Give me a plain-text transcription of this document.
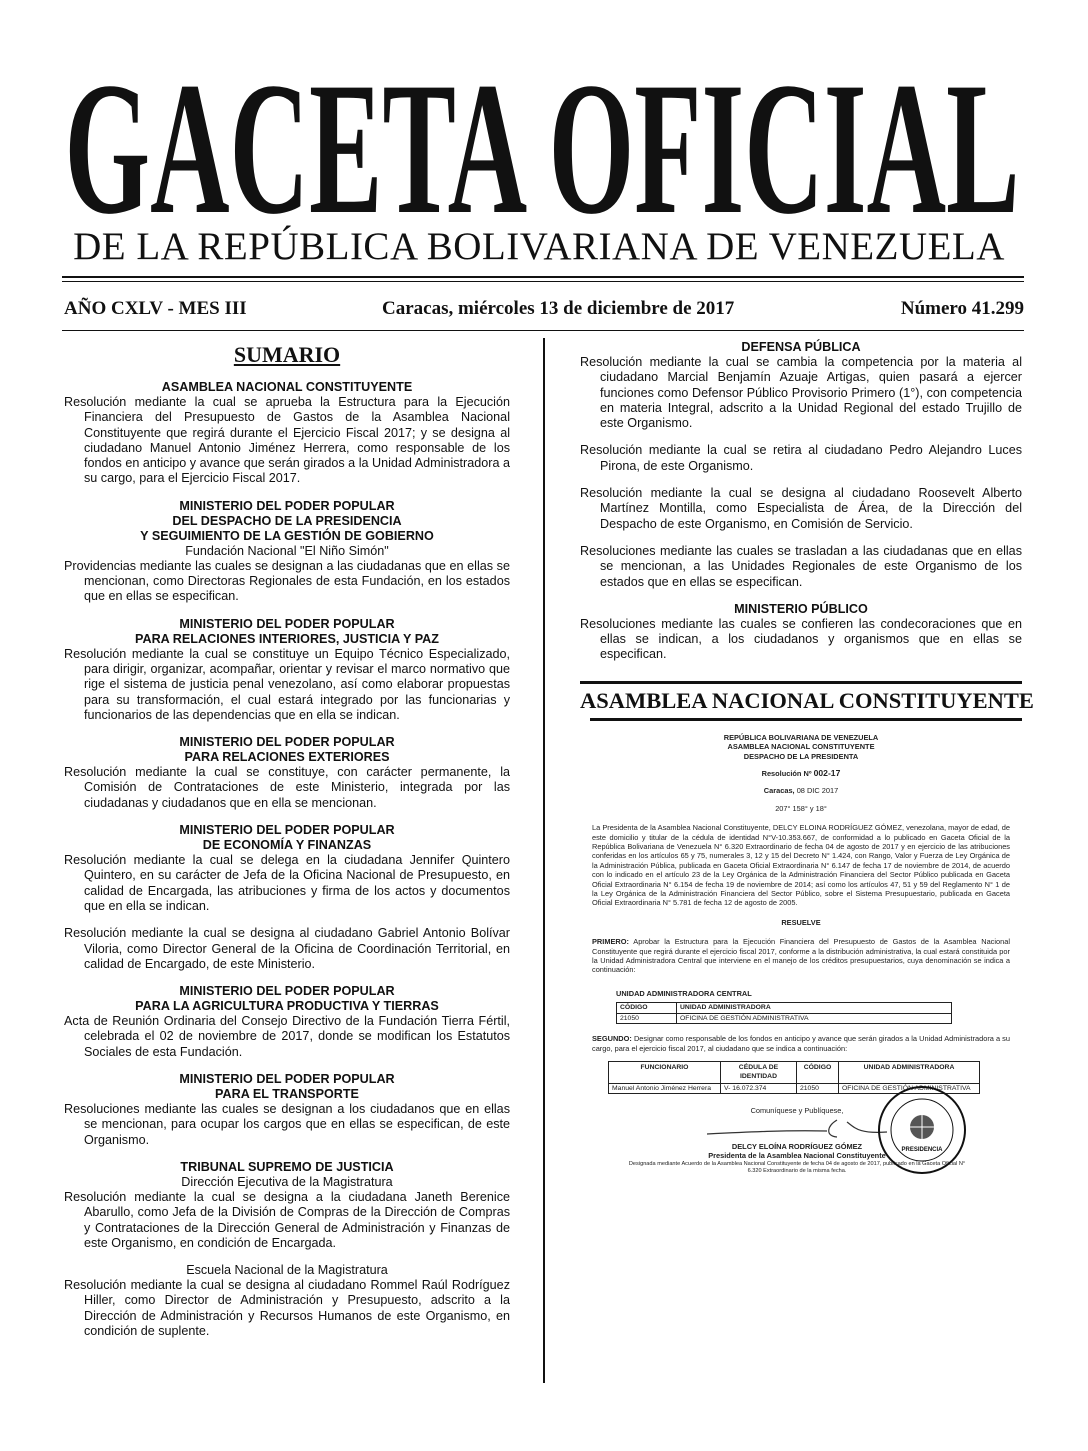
GACETA OFICIAL
DE LA REPÚBLICA BOLIVARIANA DE VENEZUELA
AÑO CXLV - MES III	Caracas, miércoles 13 de diciembre de 2017	Número 41.299
SUMARIO
ASAMBLEA NACIONAL CONSTITUYENTE
Resolución mediante la cual se aprueba la Estructura para la Ejecución Financiera del Presupuesto de Gastos de la Asamblea Nacional Constituyente que regirá durante el Ejercicio Fiscal 2017; y se designa al ciudadano Manuel Antonio Jiménez Herrera, como responsable de los fondos en anticipo y avance que serán girados a la Unidad Administradora a su cargo, para el Ejercicio Fiscal 2017.
MINISTERIO DEL PODER POPULAR
DEL DESPACHO DE LA PRESIDENCIA
Y SEGUIMIENTO DE LA GESTIÓN DE GOBIERNO
Fundación Nacional "El Niño Simón"
Providencias mediante las cuales se designan a las ciudadanas que en ellas se mencionan, como Directoras Regionales de esta Fundación, en los estados que en ellas se especifican.
MINISTERIO DEL PODER POPULAR
PARA RELACIONES INTERIORES, JUSTICIA Y PAZ
Resolución mediante la cual se constituye un Equipo Técnico Especializado, para dirigir, organizar, acompañar, orientar y revisar el marco normativo que rige el sistema de justicia penal venezolano, así como elaborar propuestas para su transformación, el cual estará integrado por las funcionarias y funcionarios de las dependencias que en ella se indican.
MINISTERIO DEL PODER POPULAR
PARA RELACIONES EXTERIORES
Resolución mediante la cual se constituye, con carácter permanente, la Comisión de Contrataciones de este Ministerio, integrada por las ciudadanas y ciudadanos que en ella se mencionan.
MINISTERIO DEL PODER POPULAR
DE ECONOMÍA Y FINANZAS
Resolución mediante la cual se delega en la ciudadana Jennifer Quintero Quintero, en su carácter de Jefa de la Oficina Nacional de Presupuesto, en calidad de Encargada, las atribuciones y firma de los actos y documentos que en ella se indican.
Resolución mediante la cual se designa al ciudadano Gabriel Antonio Bolívar Viloria, como Director General de la Oficina de Coordinación Territorial, en calidad de Encargado, de este Ministerio.
MINISTERIO DEL PODER POPULAR
PARA LA AGRICULTURA PRODUCTIVA Y TIERRAS
Acta de Reunión Ordinaria del Consejo Directivo de la Fundación Tierra Fértil, celebrada el 02 de noviembre de 2017, donde se modifican los Estatutos Sociales de esta Fundación.
MINISTERIO DEL PODER POPULAR
PARA EL TRANSPORTE
Resoluciones mediante las cuales se designan a los ciudadanos que en ellas se mencionan, para ocupar los cargos que en ellas se especifican, de este Organismo.
TRIBUNAL SUPREMO DE JUSTICIA
Dirección Ejecutiva de la Magistratura
Resolución mediante la cual se designa a la ciudadana Janeth Berenice Abarullo, como Jefa de la División de Compras de la Dirección de Compras y Contrataciones de la Dirección General de Administración y Finanzas de este Organismo, en condición de Encargada.
Escuela Nacional de la Magistratura
Resolución mediante la cual se designa al ciudadano Rommel Raúl Rodríguez Hiller, como Director de Administración y Presupuesto, adscrito a la Dirección de Administración y Recursos Humanos de este Organismo, en condición de suplente.
DEFENSA PÚBLICA
Resolución mediante la cual se cambia la competencia por la materia al ciudadano Marcial Benjamín Azuaje Artigas, quien pasará a ejercer funciones como Defensor Público Provisorio Primero (1°), con competencia en materia Integral, adscrito a la Unidad Regional del estado Trujillo de este Organismo.
Resolución mediante la cual se retira al ciudadano Pedro Alejandro Luces Pirona, de este Organismo.
Resolución mediante la cual se designa al ciudadano Roosevelt Alberto Martínez Montilla, como Especialista de Área, de la Dirección del Despacho de este Organismo, en Comisión de Servicio.
Resoluciones mediante las cuales se trasladan a las ciudadanas que en ellas se mencionan, a las Unidades Regionales de este Organismo de los estados que en ellas se especifican.
MINISTERIO PÚBLICO
Resoluciones mediante las cuales se confieren las condecoraciones que en ellas se indican, a los ciudadanos y organismos que en ellas se especifican.
ASAMBLEA NACIONAL CONSTITUYENTE
REPÚBLICA BOLIVARIANA DE VENEZUELA
ASAMBLEA NACIONAL CONSTITUYENTE
DESPACHO DE LA PRESIDENTA
Resolución Nº 002-17
Caracas, 08 DIC 2017
207° 158° y 18°

La Presidenta de la Asamblea Nacional Constituyente, DELCY ELOINA RODRÍGUEZ GÓMEZ, venezolana, mayor de edad, de este domicilio y titular de la cédula de identidad N°V-10.353.667, de conformidad a lo publicado en Gaceta Oficial de la República Bolivariana de Venezuela N° 6.320 Extraordinario de fecha 04 de agosto de 2017 y en ejercicio de las atribuciones conferidas en los artículos 65 y 75, numerales 3, 12 y 15 del Decreto N° 1.424, con Rango, Valor y Fuerza de Ley Orgánica de la Administración Pública, publicada en Gaceta Oficial Extraordinaria N° 6.147 de fecha 17 de noviembre de 2014, de acuerdo con lo indicado en el artículo 23 de la Ley Orgánica de la Administración Financiera del Sector Público publicada en Gaceta Oficial Extraordinaria N° 6.154 de fecha 19 de noviembre de 2014; así como los artículos 47, 51 y 59 del Reglamento N° 1 de la Ley Orgánica de la Administración Financiera del Sector Público, sobre el Sistema Presupuestario, publicada en Gaceta Oficial Extraordinaria N° 5.781 de fecha 12 de agosto de 2005.

RESUELVE

PRIMERO: Aprobar la Estructura para la Ejecución Financiera del Presupuesto de Gastos de la Asamblea Nacional Constituyente que regirá durante el ejercicio fiscal 2017, conforme a la distribución administrativa, la cual estará constituida por la Unidad Administradora Central que interviene en el manejo de los créditos presupuestarios, cuya denominación se indica a continuación:

UNIDAD ADMINISTRADORA CENTRAL
CÓDIGO	UNIDAD ADMINISTRADORA
21050	OFICINA DE GESTIÓN ADMINISTRATIVA

SEGUNDO: Designar como responsable de los fondos en anticipo y avance que serán girados a la Unidad Administradora a su cargo, para el ejercicio fiscal 2017, al ciudadano que se indica a continuación:

FUNCIONARIO	CÉDULA DE IDENTIDAD	CÓDIGO	UNIDAD ADMINISTRADORA
Manuel Antonio Jiménez Herrera	V- 16.072.374	21050	OFICINA DE GESTIÓN ADMINISTRATIVA
Comuníquese y Publíquese,
DELCY ELOÍNA RODRÍGUEZ GÓMEZ
Presidenta de la Asamblea Nacional Constituyente
Designada mediante Acuerdo de la Asamblea Nacional Constituyente de fecha 04 de agosto de 2017, publicado en la Gaceta Oficial N° 6.320 Extraordinario de la misma fecha.
PRESIDENCIA
